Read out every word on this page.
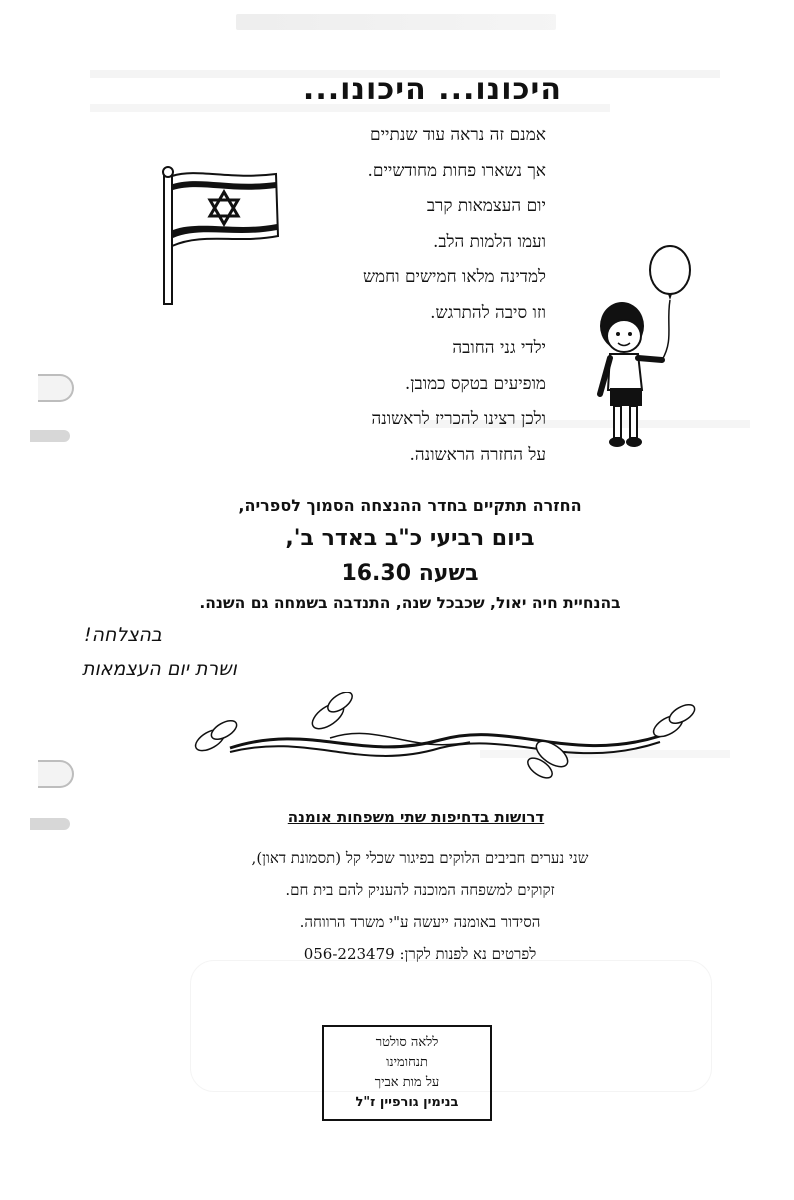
היכונו... היכונו...
אמנם זה נראה עוד שנתיים
אך נשארו פחות מחודשיים.
יום העצמאות קרב
ועמו הלמות הלב.
למדינה מלאו חמישים וחמש
וזו סיבה להתרגש.
ילדי גני החובה
מופיעים בטקס כמובן.
ולכן רצינו להכריז לראשונה
על החזרה הראשונה.
החזרה תתקיים בחדר ההנצחה הסמוך לספריה,
ביום רביעי כ"ב באדר ב',
בשעה 16.30
בהנחיית חיה יאול, שכבכל שנה, התנדבה בשמחה גם השנה.
בהצלחה!
ושרת יום העצמאות
דרושות בדחיפות שתי משפחות אומנה
שני נערים חביבים הלוקים בפיגור שכלי קל (תסמונת דאון),
זקוקים למשפחה המוכנה להעניק להם בית חם.
הסידור באומנה ייעשה ע"י משרד הרווחה.
לפרטים נא לפנות לקרן: 056-223479
ללאה סולטר
תנחומינו
על מות אביך
בנימין גורפיין ז"ל
